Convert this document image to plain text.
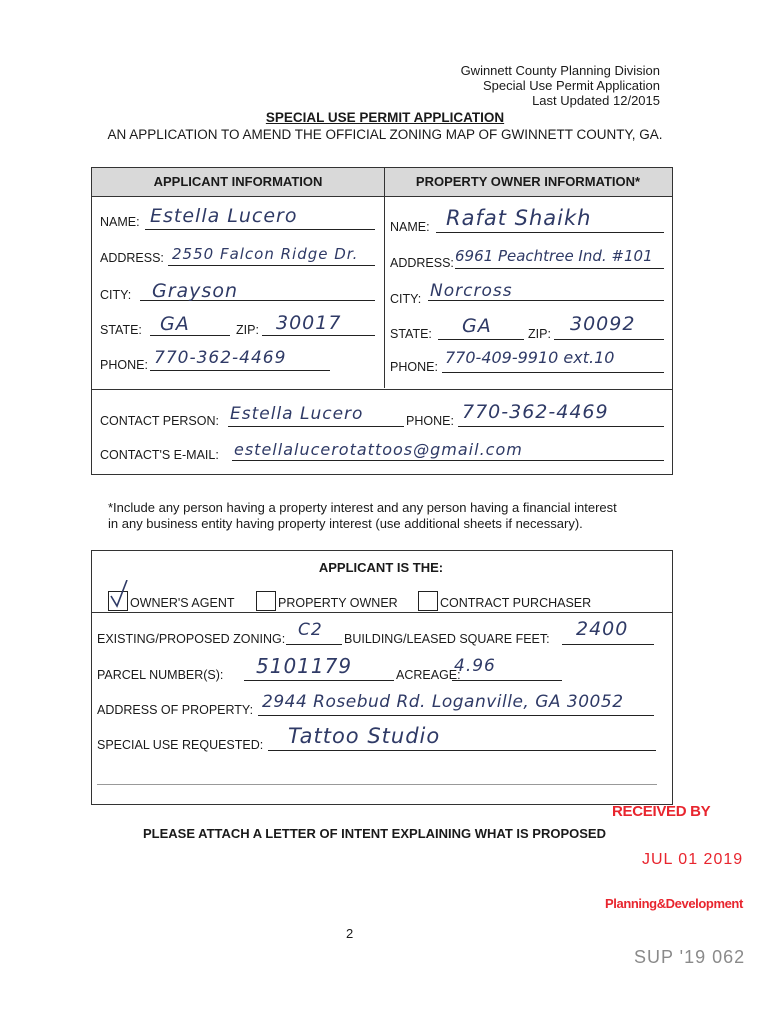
Gwinnett County Planning Division
Special Use Permit Application
Last Updated 12/2015
SPECIAL USE PERMIT APPLICATION
AN APPLICATION TO AMEND THE OFFICIAL ZONING MAP OF GWINNETT COUNTY, GA.
APPLICANT INFORMATION	PROPERTY OWNER INFORMATION*
NAME: Estella Lucero
ADDRESS: 2550 Falcon Ridge Dr.
CITY: Grayson
STATE: GA	ZIP: 30017
PHONE: 770-362-4469
NAME: Rafat Shaikh
ADDRESS: 6961 Peachtree Ind. #101
CITY: Norcross
STATE: GA	ZIP: 30092
PHONE: 770-409-9910 ext.10
CONTACT PERSON: Estella Lucero	PHONE: 770-362-4469
CONTACT'S E-MAIL: estellalucerotattoos@gmail.com
*Include any person having a property interest and any person having a financial interest
in any business entity having property interest (use additional sheets if necessary).
APPLICANT IS THE:
OWNER'S AGENT	PROPERTY OWNER	CONTRACT PURCHASER
EXISTING/PROPOSED ZONING: C2 BUILDING/LEASED SQUARE FEET: 2400
PARCEL NUMBER(S): 5101179	ACREAGE:
4.96
ADDRESS OF PROPERTY: 2944 Rosebud Rd. Loganville, GA 30052
SPECIAL USE REQUESTED: Tattoo Studio
PLEASE ATTACH A LETTER OF INTENT EXPLAINING WHAT IS PROPOSED
RECEIVED BY
JUL 01 2019
Planning&Development
SUP '19 062
2
